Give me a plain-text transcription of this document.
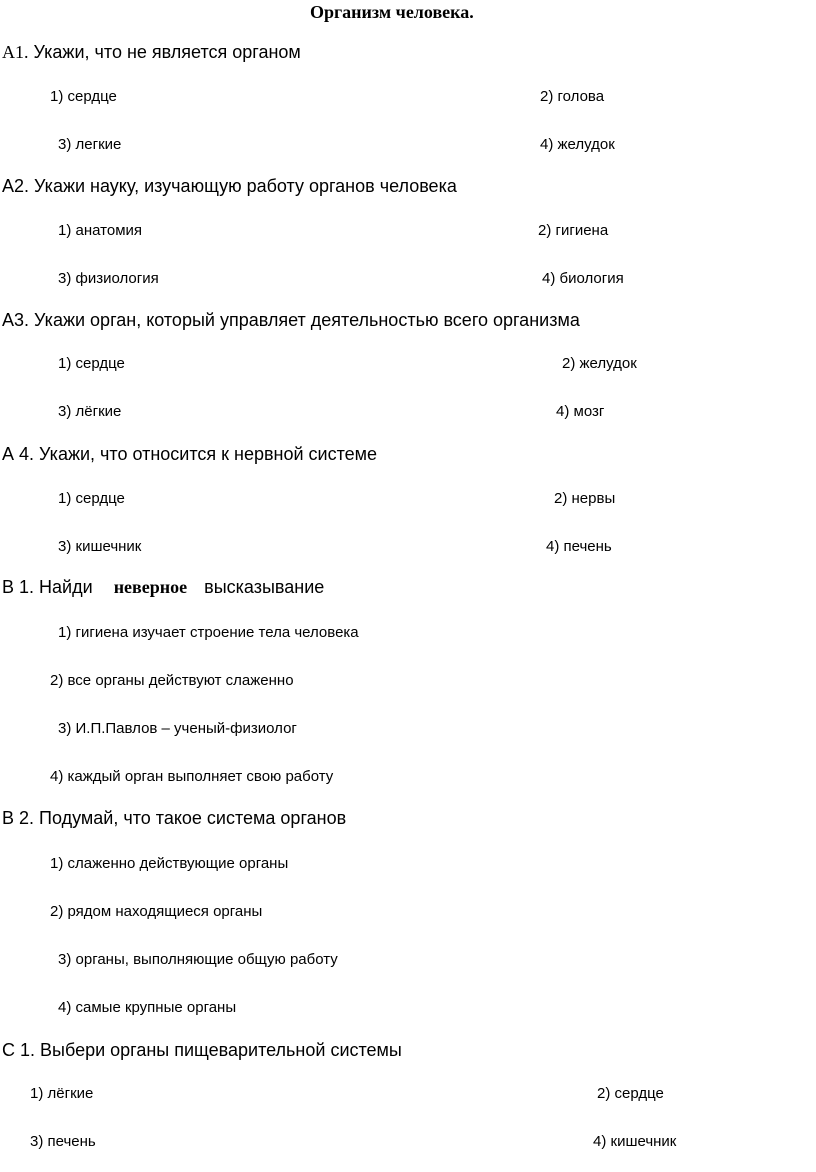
Организм человека.
А1. Укажи, что не является органом
1) сердце	2) голова
3) легкие	4) желудок
А2. Укажи науку, изучающую работу органов человека
1) анатомия	2) гигиена
3) физиология	4) биология
А3. Укажи орган, который управляет деятельностью всего организма
1) сердце	2) желудок
3) лёгкие	4) мозг
А 4. Укажи, что относится к нервной системе
1) сердце	2) нервы
3) кишечник	4) печень
В 1. Найди неверное высказывание
1) гигиена изучает строение тела человека
2) все органы действуют слаженно
3) И.П.Павлов – ученый-физиолог
4) каждый орган выполняет свою работу
В 2. Подумай, что такое система органов
1) слаженно действующие органы
2) рядом находящиеся органы
3) органы, выполняющие общую работу
4) самые крупные органы
С 1. Выбери органы пищеварительной системы
1) лёгкие	2) сердце
3) печень	4) кишечник
